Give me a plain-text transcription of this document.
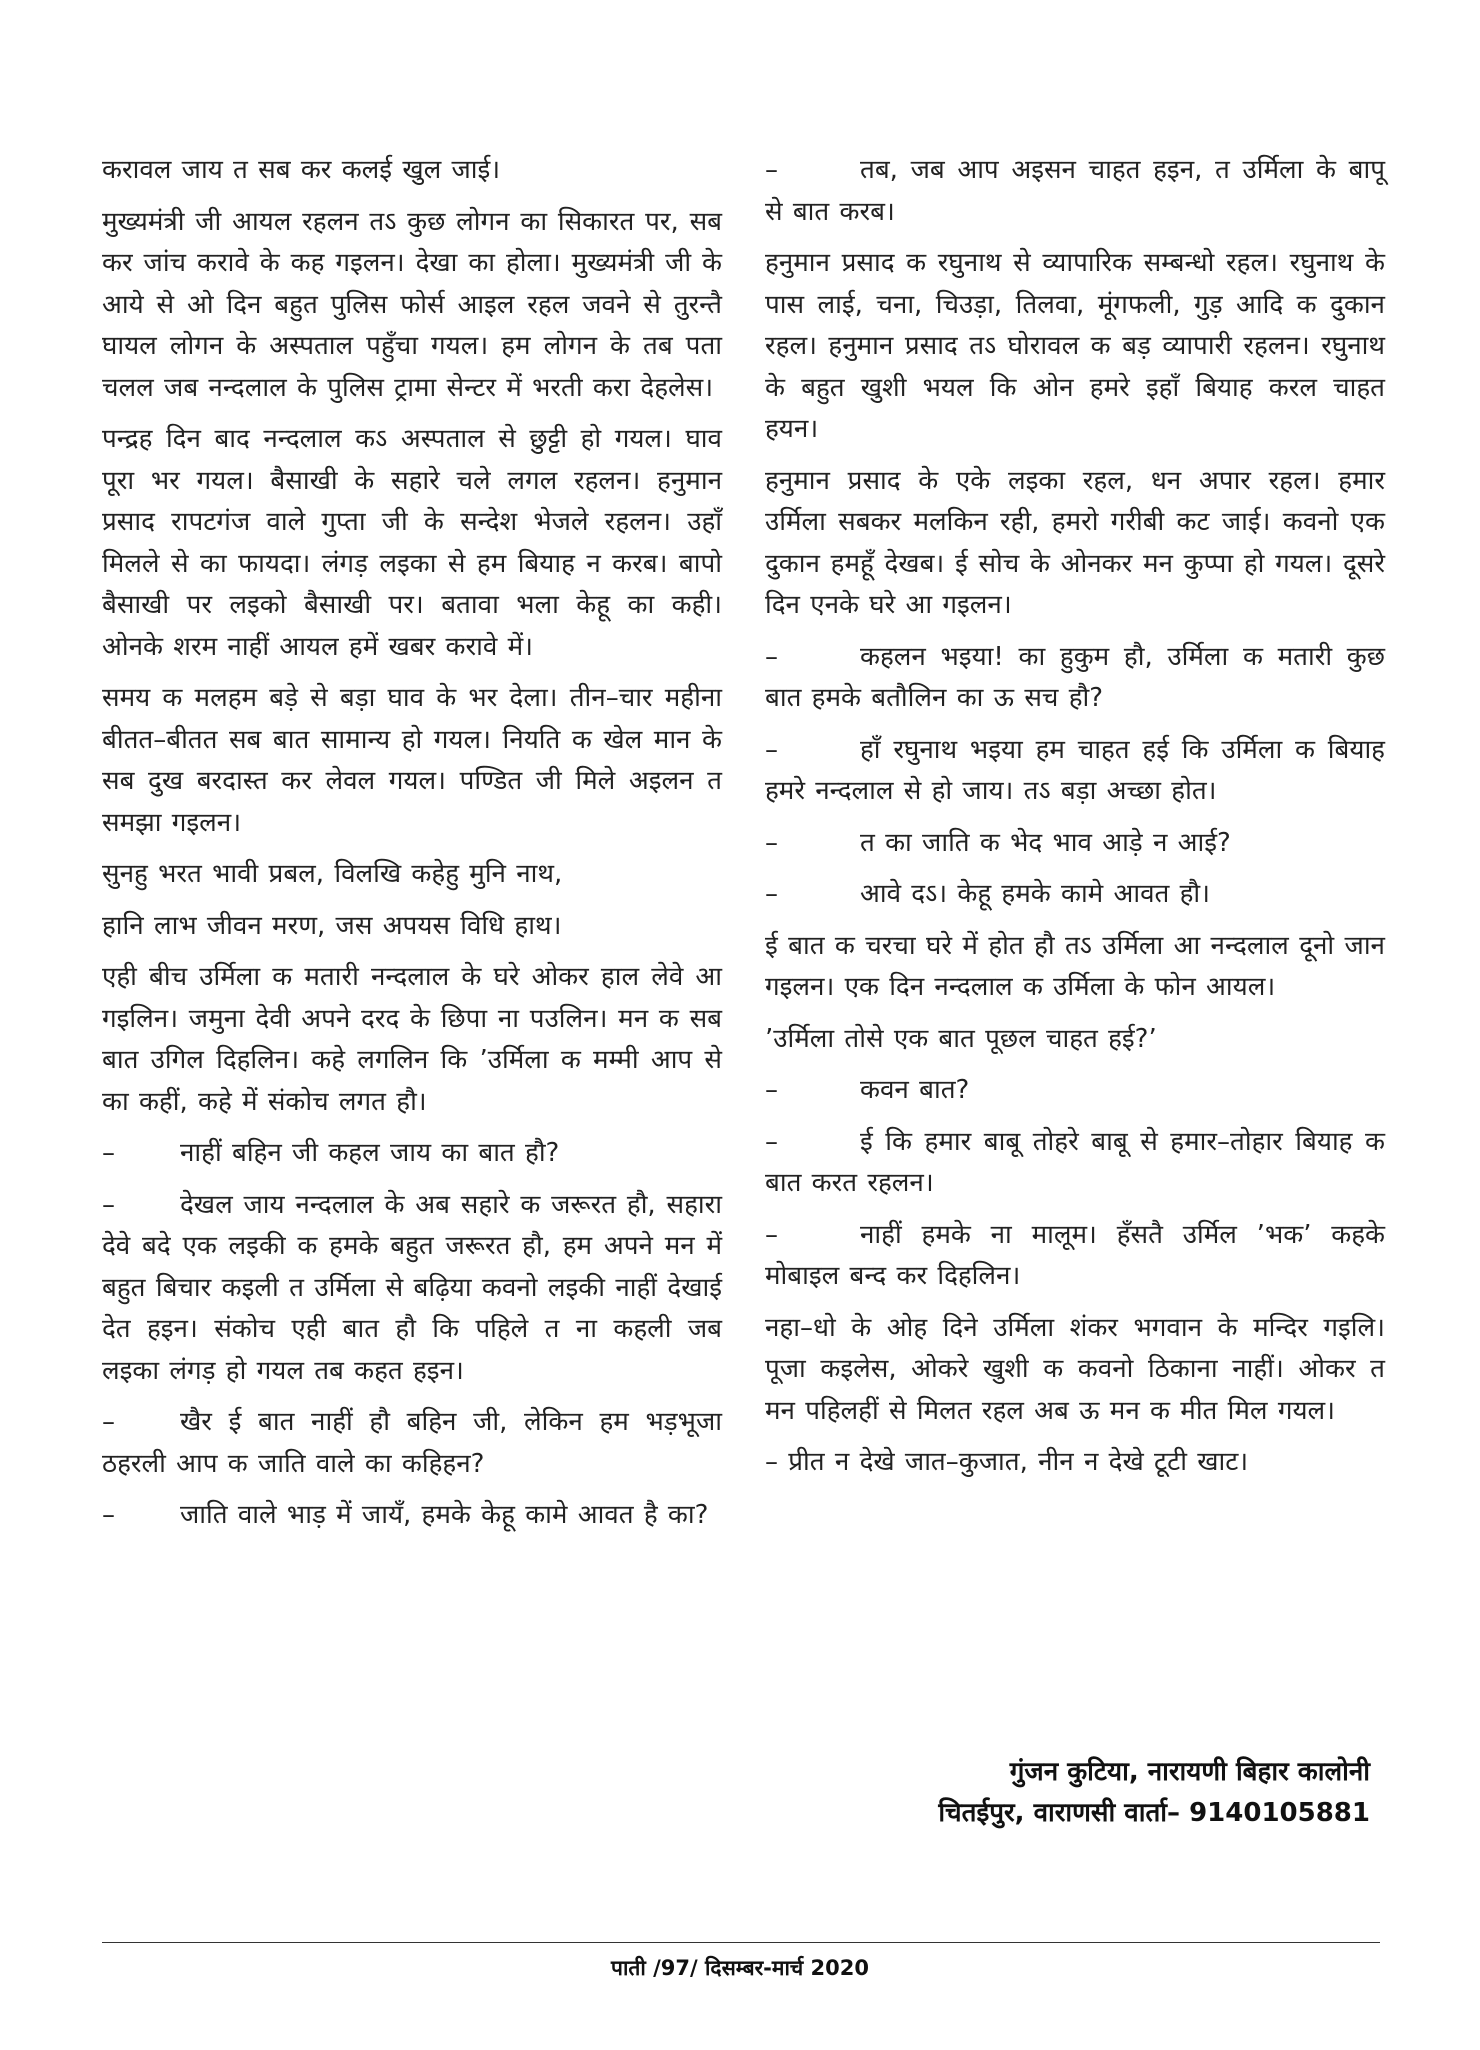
करावल जाय त सब कर कलई खुल जाई।

मुख्यमंत्री जी आयल रहलन तऽ कुछ लोगन का सिकारत पर, सब कर जांच करावे के कह गइलन। देखा का होला। मुख्यमंत्री जी के आये से ओ दिन बहुत पुलिस फोर्स आइल रहल जवने से तुरन्तै घायल लोगन के अस्पताल पहुँचा गयल। हम लोगन के तब पता चलल जब नन्दलाल के पुलिस ट्रामा सेन्टर में भरती करा देहलेस।

पन्द्रह दिन बाद नन्दलाल कऽ अस्पताल से छुट्टी हो गयल। घाव पूरा भर गयल। बैसाखी के सहारे चले लगल रहलन। हनुमान प्रसाद रापटगंज वाले गुप्ता जी के सन्देश भेजले रहलन। उहाँ मिलले से का फायदा। लंगड़ लइका से हम बियाह न करब। बापो बैसाखी पर लइको बैसाखी पर। बतावा भला केहू का कही। ओनके शरम नाहीं आयल हमें खबर करावे में।

समय क मलहम बड़े से बड़ा घाव के भर देला। तीन–चार महीना बीतत–बीतत सब बात सामान्य हो गयल। नियति क खेल मान के सब दुख बरदास्त कर लेवल गयल। पण्डित जी मिले अइलन त समझा गइलन।

सुनहु भरत भावी प्रबल, विलखि कहेहु मुनि नाथ,

हानि लाभ जीवन मरण, जस अपयस विधि हाथ।

एही बीच उर्मिला क मतारी नन्दलाल के घरे ओकर हाल लेवे आ गइलिन। जमुना देवी अपने दरद के छिपा ना पउलिन। मन क सब बात उगिल दिहलिन। कहे लगलिन कि ’उर्मिला क मम्मी आप से का कहीं, कहे में संकोच लगत हौ।

–	नाहीं बहिन जी कहल जाय का बात हौ?

–	देखल जाय नन्दलाल के अब सहारे क जरूरत हौ, सहारा देवे बदे एक लइकी क हमके बहुत जरूरत हौ, हम अपने मन में बहुत बिचार कइली त उर्मिला से बढ़िया कवनो लइकी नाहीं देखाई देत हइन। संकोच एही बात हौ कि पहिले त ना कहली जब लइका लंगड़ हो गयल तब कहत हइन।

–	खैर ई बात नाहीं हौ बहिन जी, लेकिन हम भड़भूजा ठहरली आप क जाति वाले का कहिहन?

–	जाति वाले भाड़ में जायँ, हमके केहू कामे आवत है का?

–	तब, जब आप अइसन चाहत हइन, त उर्मिला के बापू से बात करब।

हनुमान प्रसाद क रघुनाथ से व्यापारिक सम्बन्धो रहल। रघुनाथ के पास लाई, चना, चिउड़ा, तिलवा, मूंगफली, गुड़ आदि क दुकान रहल। हनुमान प्रसाद तऽ घोरावल क बड़ व्यापारी रहलन। रघुनाथ के बहुत खुशी भयल कि ओन हमरे इहाँ बियाह करल चाहत हयन।

हनुमान प्रसाद के एके लइका रहल, धन अपार रहल। हमार उर्मिला सबकर मलकिन रही, हमरो गरीबी कट जाई। कवनो एक दुकान हमहूँ देखब। ई सोच के ओनकर मन कुप्पा हो गयल। दूसरे दिन एनके घरे आ गइलन।

–	कहलन भइया! का हुकुम हौ, उर्मिला क मतारी कुछ बात हमके बतौलिन का ऊ सच हौ?

–	हाँ रघुनाथ भइया हम चाहत हई कि उर्मिला क बियाह हमरे नन्दलाल से हो जाय। तऽ बड़ा अच्छा होत।

–	त का जाति क भेद भाव आड़े न आई?

–	आवे दऽ। केहू हमके कामे आवत हौ।

ई बात क चरचा घरे में होत हौ तऽ उर्मिला आ नन्दलाल दूनो जान गइलन। एक दिन नन्दलाल क उर्मिला के फोन आयल।

’उर्मिला तोसे एक बात पूछल चाहत हई?’

–	कवन बात?

–	ई कि हमार बाबू तोहरे बाबू से हमार–तोहार बियाह क बात करत रहलन।

–	नाहीं हमके ना मालूम। हँसतै उर्मिल ’भक’ कहके मोबाइल बन्द कर दिहलिन।

नहा–धो के ओह दिने उर्मिला शंकर भगवान के मन्दिर गइलि। पूजा कइलेस, ओकरे खुशी क कवनो ठिकाना नाहीं। ओकर त मन पहिलहीं से मिलत रहल अब ऊ मन क मीत मिल गयल।

– प्रीत न देखे जात–कुजात, नीन न देखे टूटी खाट।

गुंजन कुटिया, नारायणी बिहार कालोनी
चितईपुर, वाराणसी वार्ता– 9140105881
पाती /97/ दिसम्बर-मार्च 2020
